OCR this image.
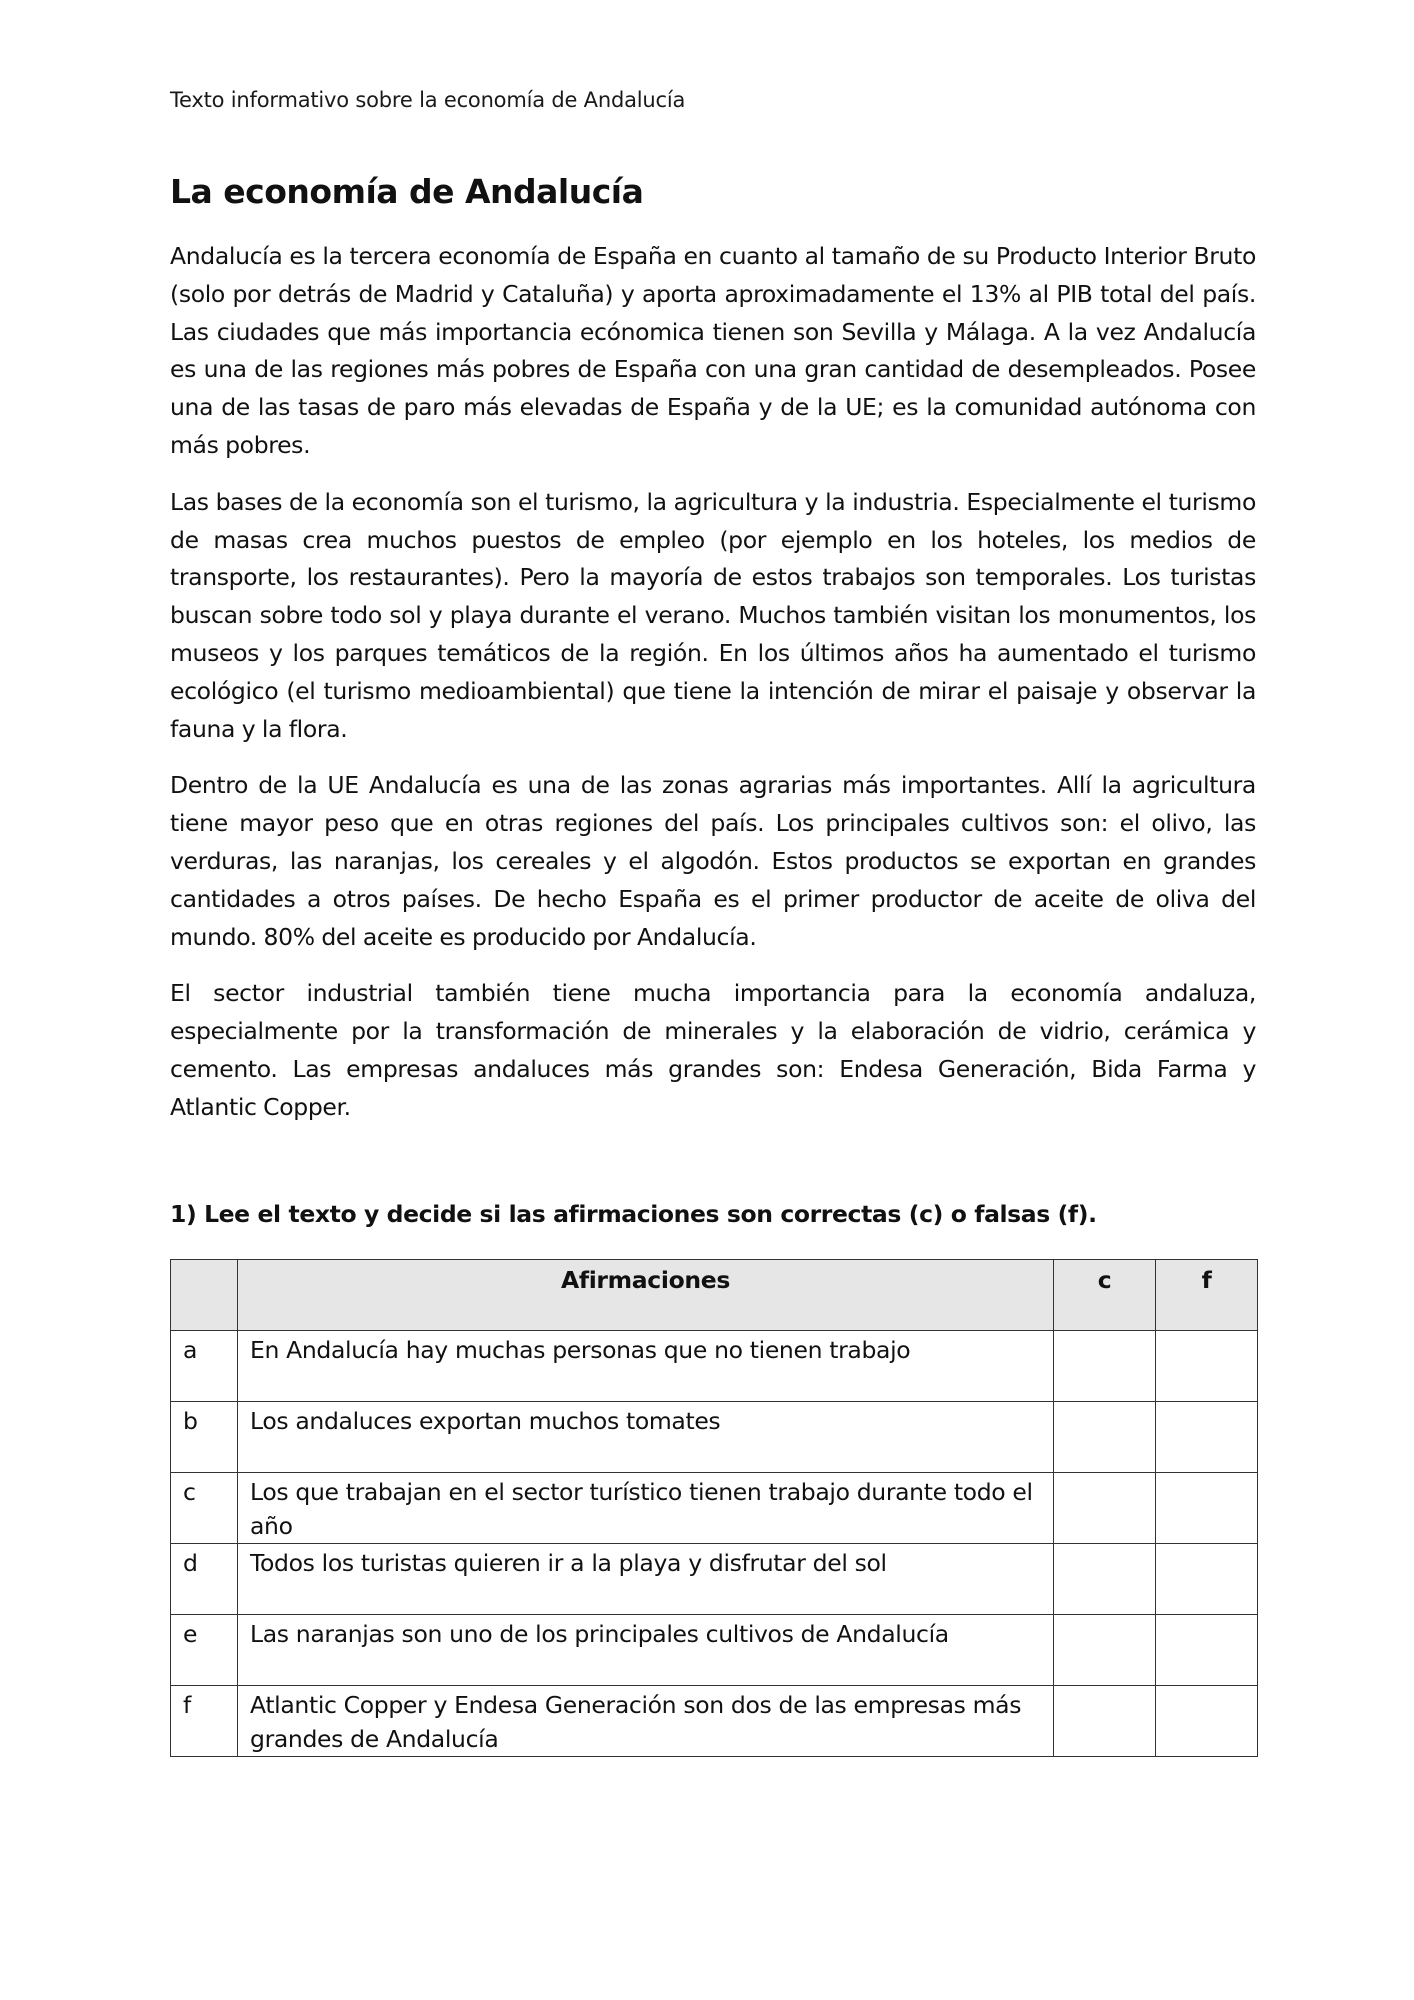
Texto informativo sobre la economía de Andalucía
La economía de Andalucía

Andalucía es la tercera economía de España en cuanto al tamaño de su Producto Interior Bruto (solo por detrás de Madrid y Cataluña) y aporta aproximadamente el 13% al PIB total del país. Las ciudades que más importancia ecónomica tienen son Sevilla y Málaga. A la vez Andalucía es una de las regiones más pobres de España con una gran cantidad de desempleados. Posee una de las tasas de paro más elevadas de España y de la UE; es la comunidad autónoma con más pobres.

Las bases de la economía son el turismo, la agricultura y la industria. Especialmente el turismo de masas crea muchos puestos de empleo (por ejemplo en los hoteles, los medios de transporte, los restaurantes). Pero la mayoría de estos trabajos son temporales. Los turistas buscan sobre todo sol y playa durante el verano. Muchos también visitan los monumentos, los museos y los parques temáticos de la región. En los últimos años ha aumentado el turismo ecológico (el turismo medioambiental) que tiene la intención de mirar el paisaje y observar la fauna y la flora.

Dentro de la UE Andalucía es una de las zonas agrarias más importantes. Allí la agricultura tiene mayor peso que en otras regiones del país. Los principales cultivos son: el olivo, las verduras, las naranjas, los cereales y el algodón. Estos productos se exportan en grandes cantidades a otros países. De hecho España es el primer productor de aceite de oliva del mundo. 80% del aceite es producido por Andalucía.

El sector industrial también tiene mucha importancia para la economía andaluza, especialmente por la transformación de minerales y la elaboración de vidrio, cerámica y cemento. Las empresas andaluces más grandes son: Endesa Generación, Bida Farma y Atlantic Copper.

1) Lee el texto y decide si las afirmaciones son correctas (c) o falsas (f).

	Afirmaciones	c	f
a	En Andalucía hay muchas personas que no tienen trabajo		
b	Los andaluces exportan muchos tomates		
c	Los que trabajan en el sector turístico tienen trabajo durante todo el año		
d	Todos los turistas quieren ir a la playa y disfrutar del sol		
e	Las naranjas son uno de los principales cultivos de Andalucía		
f	Atlantic Copper y Endesa Generación son dos de las empresas más grandes de Andalucía		
